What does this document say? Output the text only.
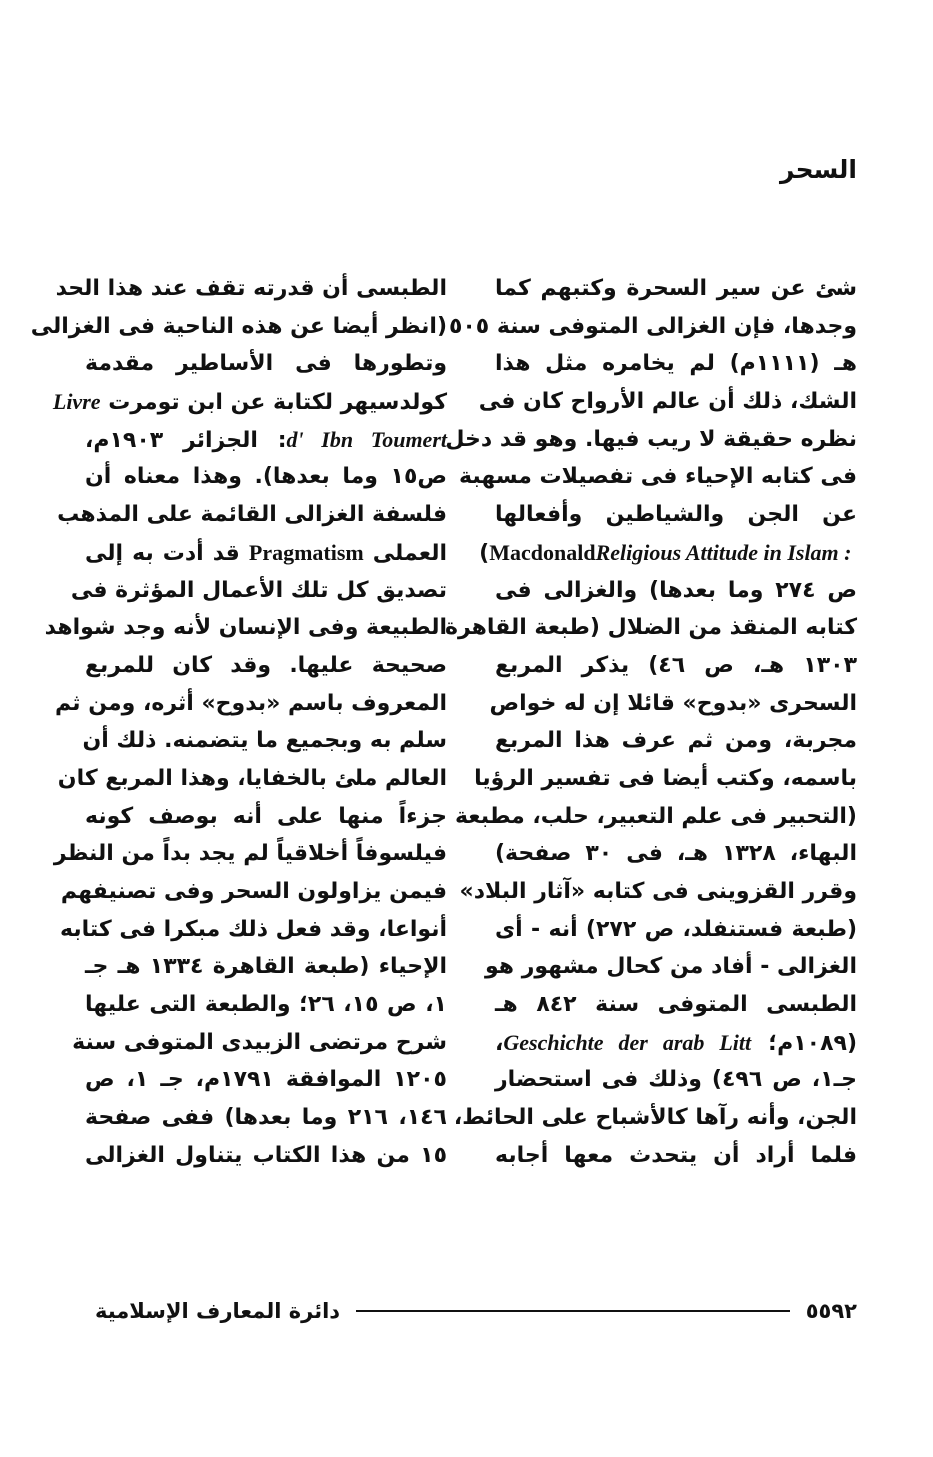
السحر
شئ عن سير السحرة وكتبهم كما
وجدها، فإن الغزالى المتوفى سنة ٥٠٥
هـ (١١١١م) لم يخامره مثل هذا
الشك، ذلك أن عالم الأرواح كان فى
نظره حقيقة لا ريب فيها. وهو قد دخل
فى كتابه الإحياء فى تفصيلات مسهبة
عن الجن والشياطين وأفعالها
Religious Attitude in Islam : Macdonald)
ص ٢٧٤ وما بعدها) والغزالى فى
كتابه المنقذ من الضلال (طبعة القاهرة
١٣٠٣ هـ، ص ٤٦) يذكر المربع
السحرى «بدوح» قائلا إن له خواص
مجربة، ومن ثم عرف هذا المربع
باسمه، وكتب أيضا فى تفسير الرؤيا
(التحبير فى علم التعبير، حلب، مطبعة
البهاء، ١٣٢٨ هـ، فى ٣٠ صفحة)
وقرر القزوينى فى كتابه «آثار البلاد»
(طبعة فستنفلد، ص ٢٧٢) أنه - أى
الغزالى - أفاد من كحال مشهور هو
الطبسى المتوفى سنة ٨٤٢ هـ
(١٠٨٩م؛ Geschichte der arab Litt،
جـ١، ص ٤٩٦) وذلك فى استحضار
الجن، وأنه رآها كالأشباح على الحائط،
فلما أراد أن يتحدث معها أجابه
الطبسى أن قدرته تقف عند هذا الحد
(انظر أيضا عن هذه الناحية فى الغزالى
وتطورها فى الأساطير مقدمة
كولدسيهر لكتابة عن ابن تومرت Livre
d' Ibn Toumert: الجزائر ١٩٠٣م،
ص١٥ وما بعدها). وهذا معناه أن
فلسفة الغزالى القائمة على المذهب
العملى Pragmatism قد أدت به إلى
تصديق كل تلك الأعمال المؤثرة فى
الطبيعة وفى الإنسان لأنه وجد شواهد
صحيحة عليها. وقد كان للمربع
المعروف باسم «بدوح» أثره، ومن ثم
سلم به وبجميع ما يتضمنه. ذلك أن
العالم ملئ بالخفايا، وهذا المربع كان
جزءاً منها على أنه بوصف كونه
فيلسوفاً أخلاقياً لم يجد بداً من النظر
فيمن يزاولون السحر وفى تصنيفهم
أنواعا، وقد فعل ذلك مبكرا فى كتابه
الإحياء (طبعة القاهرة ١٣٣٤ هـ جـ
١، ص ١٥، ٢٦؛ والطبعة التى عليها
شرح مرتضى الزبيدى المتوفى سنة
١٢٠٥ الموافقة ١٧٩١م، جـ ١، ص
١٤٦، ٢١٦ وما بعدها) ففى صفحة
١٥ من هذا الكتاب يتناول الغزالى
٥٥٩٢
دائرة المعارف الإسلامية
